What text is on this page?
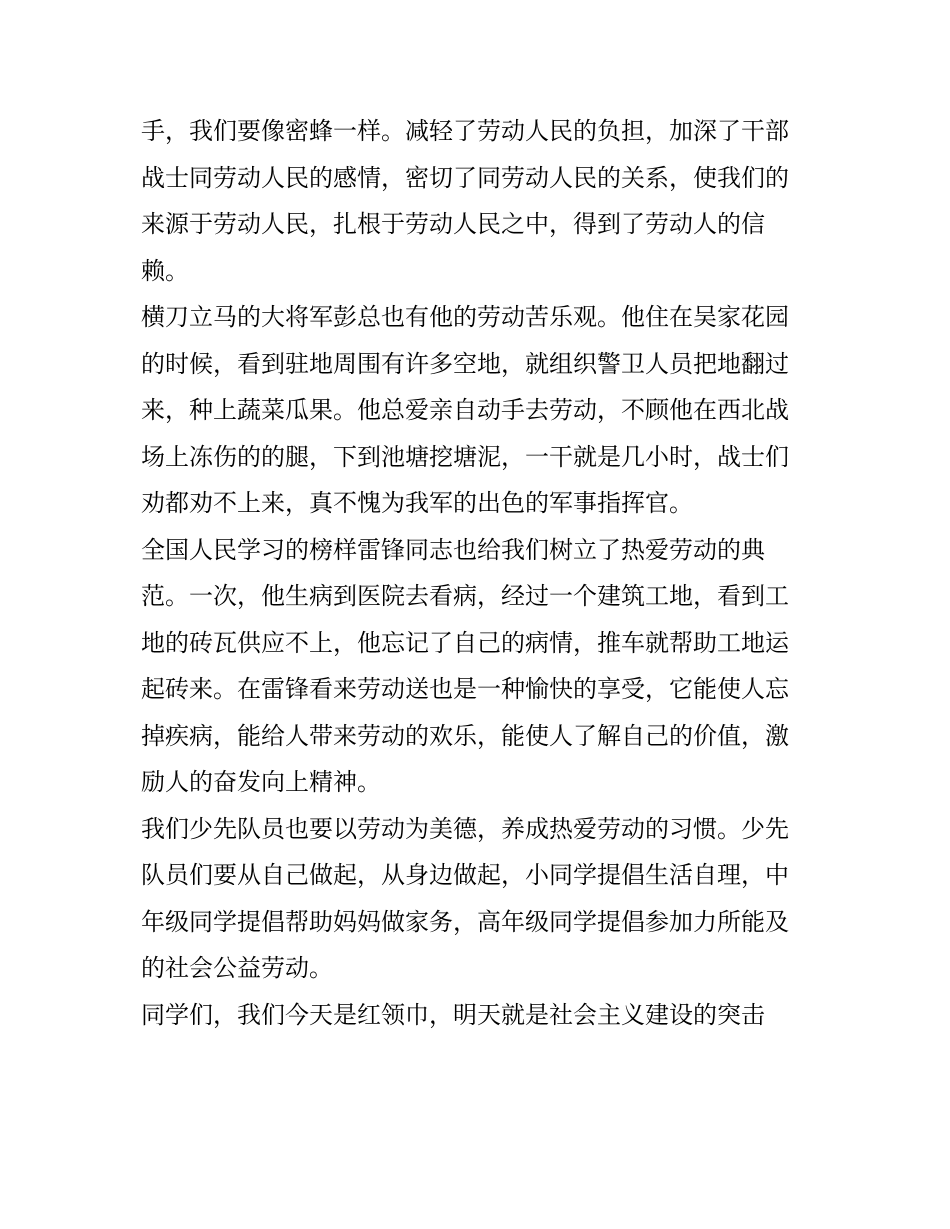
手，我们要像密蜂一样。减轻了劳动人民的负担，加深了干部
战士同劳动人民的感情，密切了同劳动人民的关系，使我们的
来源于劳动人民，扎根于劳动人民之中，得到了劳动人的信
赖。
横刀立马的大将军彭总也有他的劳动苦乐观。他住在吴家花园
的时候，看到驻地周围有许多空地，就组织警卫人员把地翻过
来，种上蔬菜瓜果。他总爱亲自动手去劳动，不顾他在西北战
场上冻伤的的腿，下到池塘挖塘泥，一干就是几小时，战士们
劝都劝不上来，真不愧为我军的出色的军事指挥官。
全国人民学习的榜样雷锋同志也给我们树立了热爱劳动的典
范。一次，他生病到医院去看病，经过一个建筑工地，看到工
地的砖瓦供应不上，他忘记了自己的病情，推车就帮助工地运
起砖来。在雷锋看来劳动送也是一种愉快的享受，它能使人忘
掉疾病，能给人带来劳动的欢乐，能使人了解自己的价值，激
励人的奋发向上精神。
我们少先队员也要以劳动为美德，养成热爱劳动的习惯。少先
队员们要从自己做起，从身边做起，小同学提倡生活自理，中
年级同学提倡帮助妈妈做家务，高年级同学提倡参加力所能及
的社会公益劳动。
同学们，我们今天是红领巾，明天就是社会主义建设的突击
